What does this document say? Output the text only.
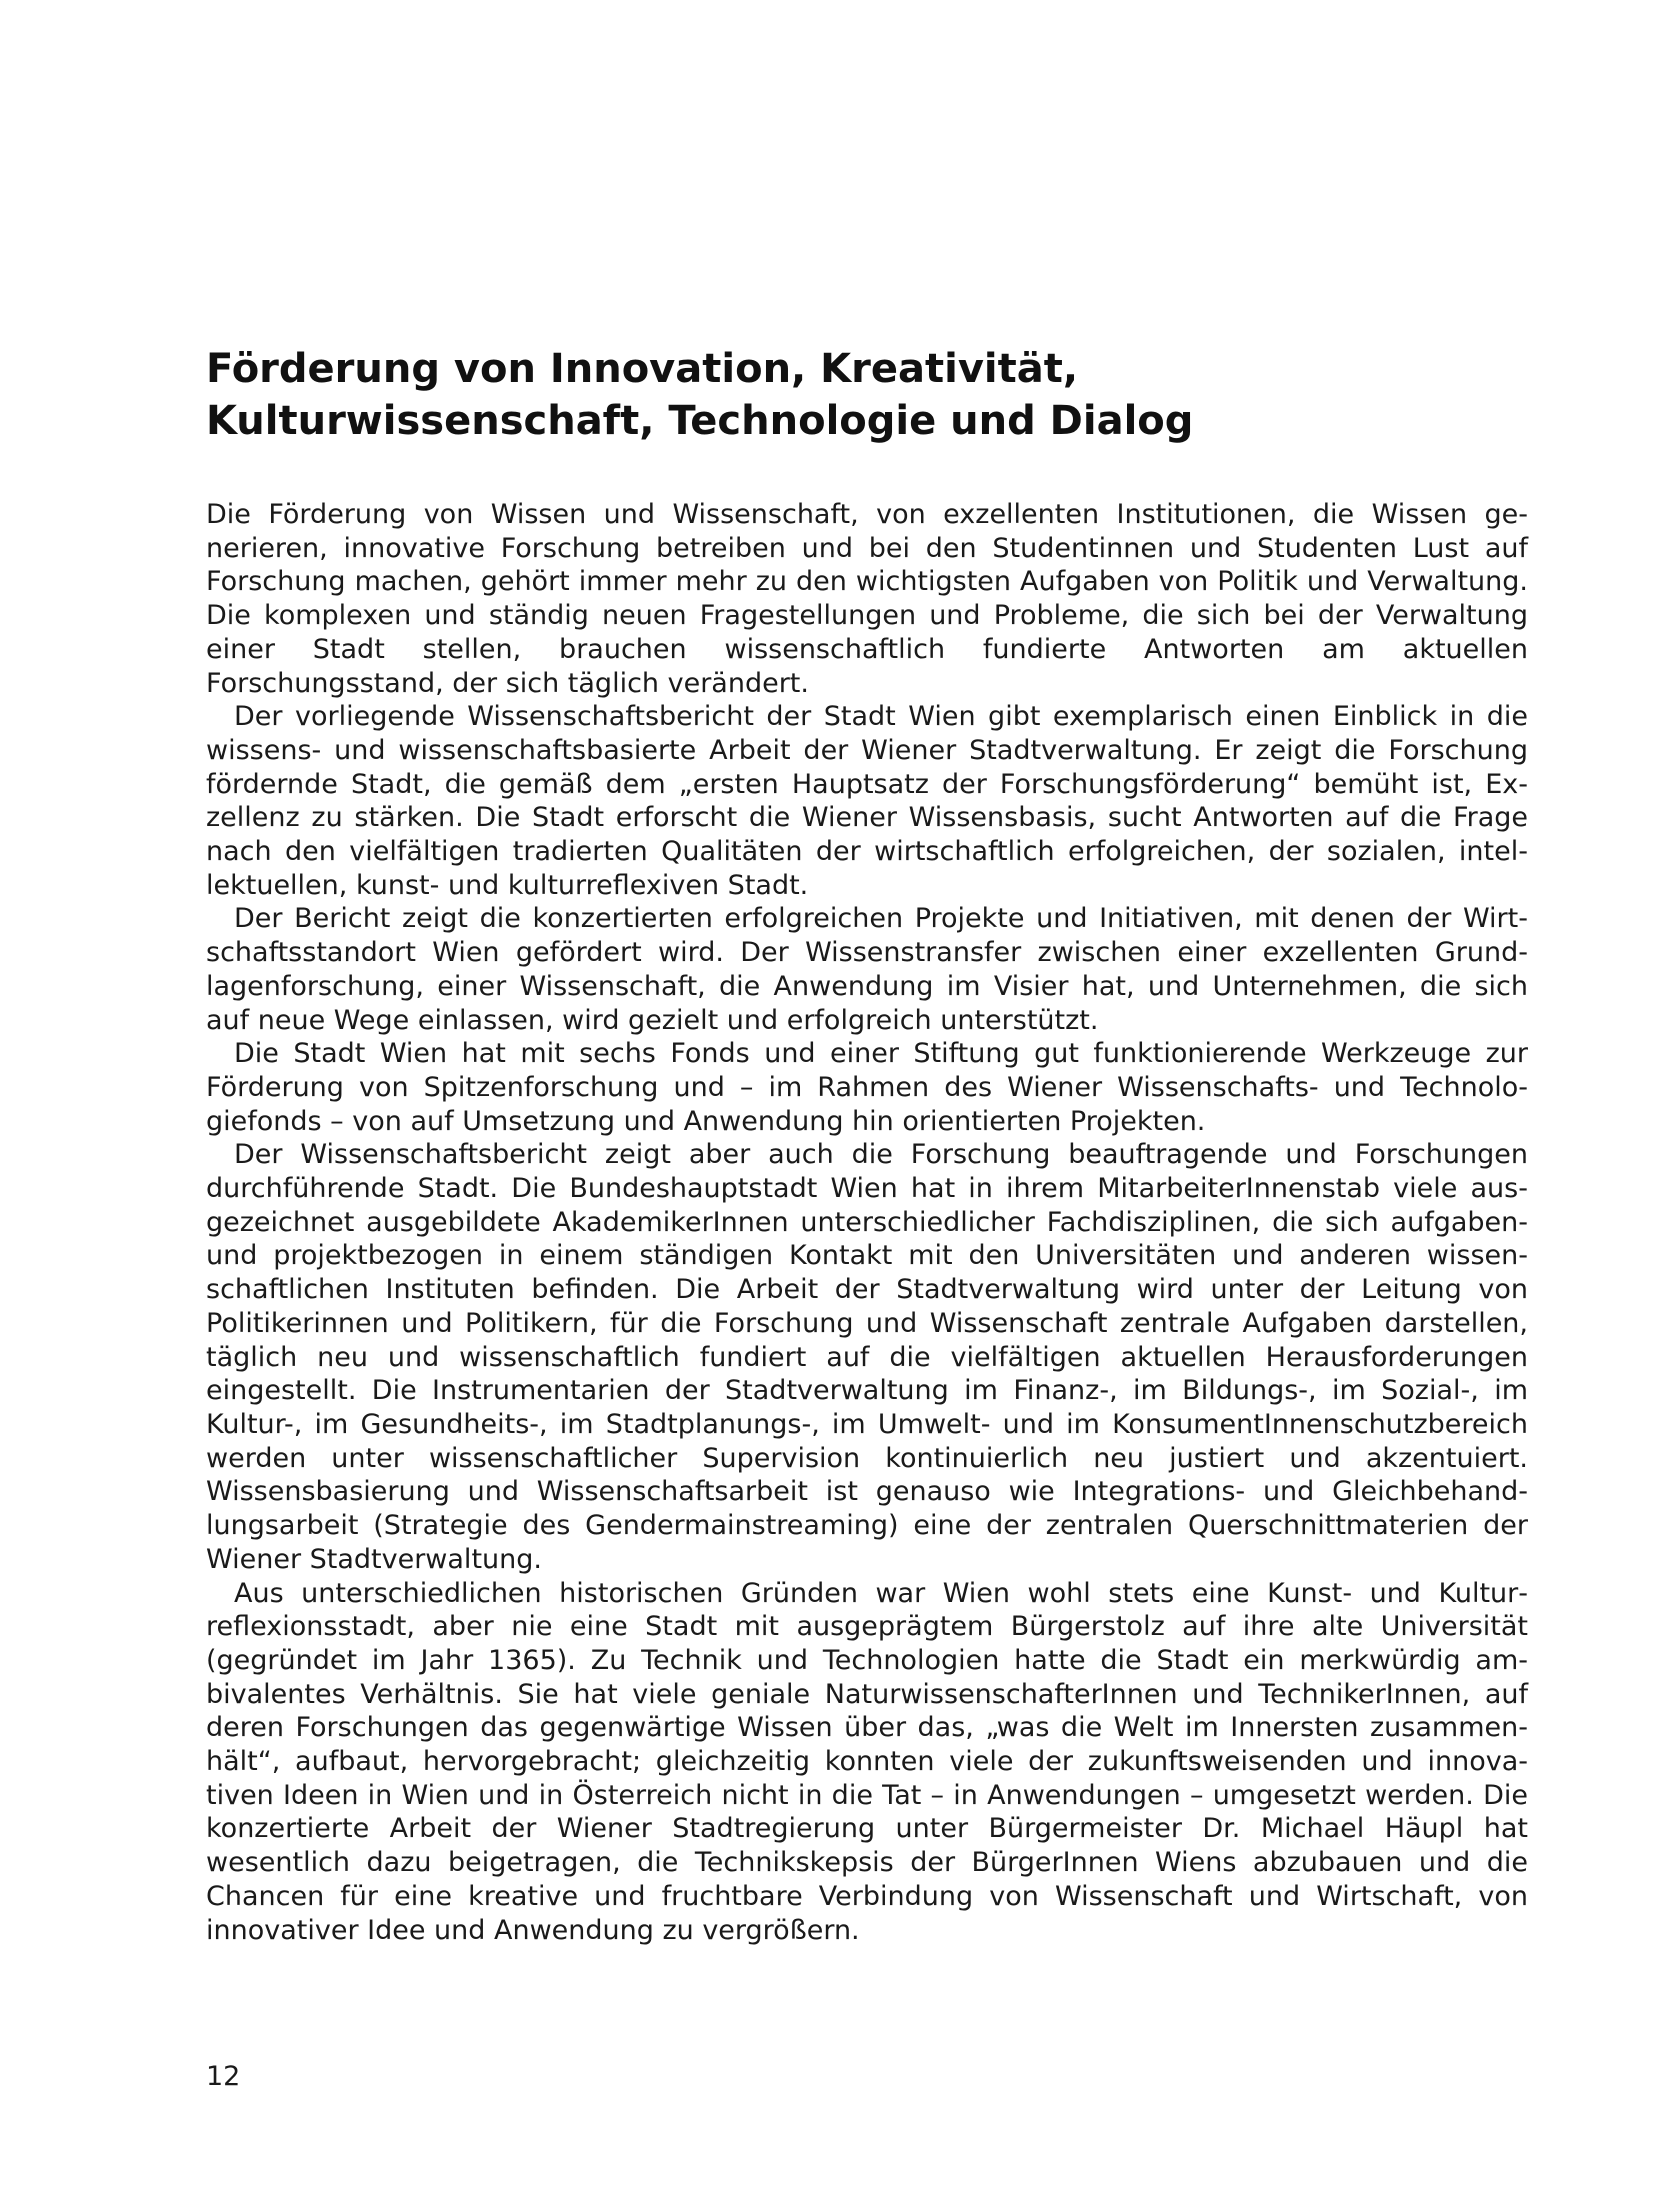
Förderung von Innovation, Kreativität,
Kulturwissenschaft, Technologie und Dialog

Die Förderung von Wissen und Wissenschaft, von exzellenten Institutionen, die Wissen generieren, innovative Forschung betreiben und bei den Studentinnen und Studenten Lust auf Forschung machen, gehört immer mehr zu den wichtigsten Aufgaben von Politik und Verwaltung. Die komplexen und ständig neuen Fragestellungen und Probleme, die sich bei der Verwaltung einer Stadt stellen, brauchen wissenschaftlich fundierte Antworten am aktuellen Forschungsstand, der sich täglich verändert.

Der vorliegende Wissenschaftsbericht der Stadt Wien gibt exemplarisch einen Einblick in die wissens- und wissenschaftsbasierte Arbeit der Wiener Stadtverwaltung. Er zeigt die Forschung fördernde Stadt, die gemäß dem „ersten Hauptsatz der Forschungsförderung“ bemüht ist, Exzellenz zu stärken. Die Stadt erforscht die Wiener Wissensbasis, sucht Antworten auf die Frage nach den vielfältigen tradierten Qualitäten der wirtschaftlich erfolgreichen, der sozialen, intellektuellen, kunst- und kulturreflexiven Stadt.

Der Bericht zeigt die konzertierten erfolgreichen Projekte und Initiativen, mit denen der Wirtschaftsstandort Wien gefördert wird. Der Wissenstransfer zwischen einer exzellenten Grundlagenforschung, einer Wissenschaft, die Anwendung im Visier hat, und Unternehmen, die sich auf neue Wege einlassen, wird gezielt und erfolgreich unterstützt.

Die Stadt Wien hat mit sechs Fonds und einer Stiftung gut funktionierende Werkzeuge zur Förderung von Spitzenforschung und – im Rahmen des Wiener Wissenschafts- und Technologiefonds – von auf Umsetzung und Anwendung hin orientierten Projekten.

Der Wissenschaftsbericht zeigt aber auch die Forschung beauftragende und Forschungen durchführende Stadt. Die Bundeshauptstadt Wien hat in ihrem MitarbeiterInnenstab viele ausgezeichnet ausgebildete AkademikerInnen unterschiedlicher Fachdisziplinen, die sich aufgaben- und projektbezogen in einem ständigen Kontakt mit den Universitäten und anderen wissenschaftlichen Instituten befinden. Die Arbeit der Stadtverwaltung wird unter der Leitung von Politikerinnen und Politikern, für die Forschung und Wissenschaft zentrale Aufgaben darstellen, täglich neu und wissenschaftlich fundiert auf die vielfältigen aktuellen Herausforderungen eingestellt. Die Instrumentarien der Stadtverwaltung im Finanz-, im Bildungs-, im Sozial-, im Kultur-, im Gesundheits-, im Stadtplanungs-, im Umwelt- und im KonsumentInnenschutzbereich werden unter wissenschaftlicher Supervision kontinuierlich neu justiert und akzentuiert. Wissensbasierung und Wissenschaftsarbeit ist genauso wie Integrations- und Gleichbehandlungsarbeit (Strategie des Gendermainstreaming) eine der zentralen Querschnittmaterien der Wiener Stadtverwaltung.

Aus unterschiedlichen historischen Gründen war Wien wohl stets eine Kunst- und Kulturreflexionsstadt, aber nie eine Stadt mit ausgeprägtem Bürgerstolz auf ihre alte Universität (gegründet im Jahr 1365). Zu Technik und Technologien hatte die Stadt ein merkwürdig ambivalentes Verhältnis. Sie hat viele geniale NaturwissenschafterInnen und TechnikerInnen, auf deren Forschungen das gegenwärtige Wissen über das, „was die Welt im Innersten zusammenhält“, aufbaut, hervorgebracht; gleichzeitig konnten viele der zukunftsweisenden und innovativen Ideen in Wien und in Österreich nicht in die Tat – in Anwendungen – umgesetzt werden. Die konzertierte Arbeit der Wiener Stadtregierung unter Bürgermeister Dr. Michael Häupl hat wesentlich dazu beigetragen, die Technikskepsis der BürgerInnen Wiens abzubauen und die Chancen für eine kreative und fruchtbare Verbindung von Wissenschaft und Wirtschaft, von innovativer Idee und Anwendung zu vergrößern.

12
